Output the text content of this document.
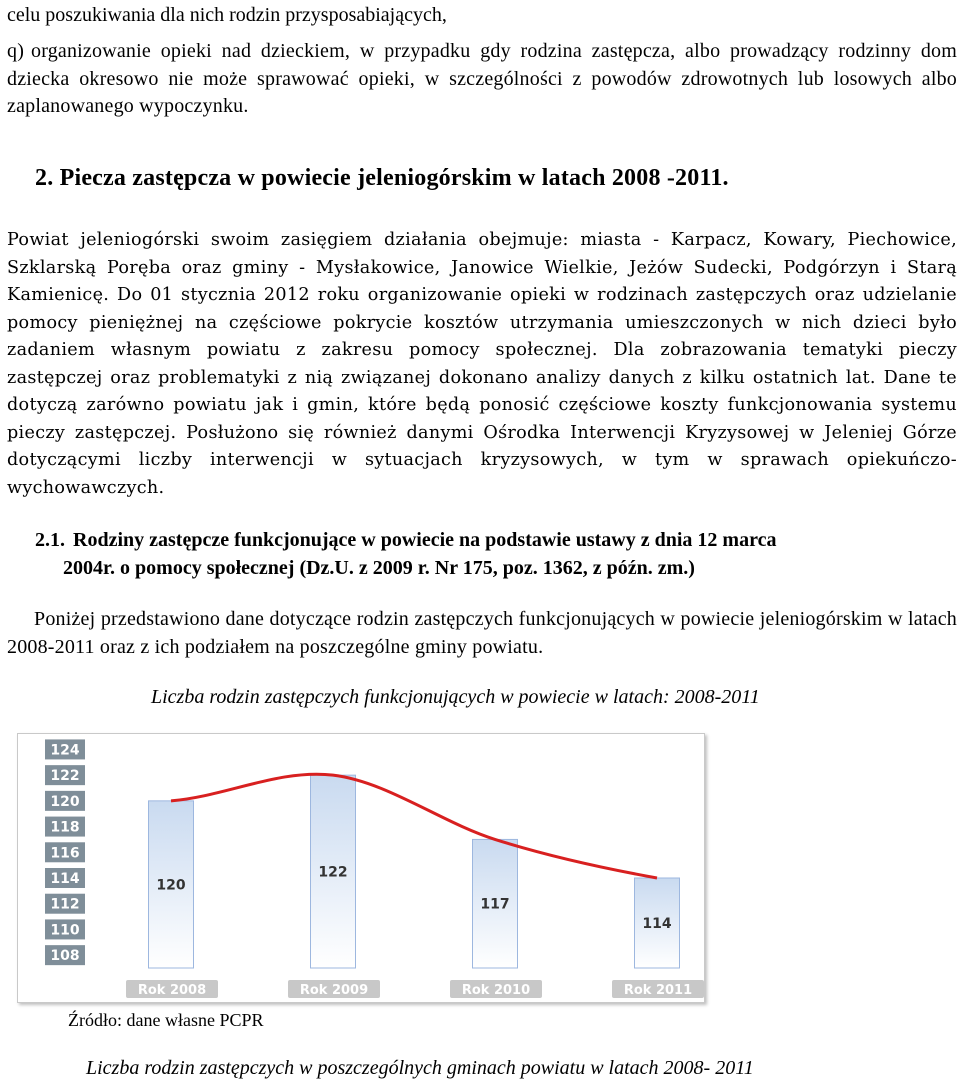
celu poszukiwania dla nich rodzin przysposabiających,
q) organizowanie opieki nad dzieckiem, w przypadku gdy rodzina zastępcza, albo prowadzący rodzinny dom dziecka okresowo nie może sprawować opieki, w szczególności z powodów zdrowotnych lub losowych albo zaplanowanego wypoczynku.
2. Piecza zastępcza w powiecie jeleniogórskim w latach 2008 -2011.
Powiat jeleniogórski swoim zasięgiem działania obejmuje: miasta - Karpacz, Kowary, Piechowice, Szklarską Poręba oraz gminy - Mysłakowice, Janowice Wielkie, Jeżów Sudecki, Podgórzyn i Starą Kamienicę. Do 01 stycznia 2012 roku organizowanie opieki w rodzinach zastępczych oraz udzielanie pomocy pieniężnej na częściowe pokrycie kosztów utrzymania umieszczonych w nich dzieci było zadaniem własnym powiatu z zakresu pomocy społecznej. Dla zobrazowania tematyki pieczy zastępczej oraz problematyki z nią związanej dokonano analizy danych z kilku ostatnich lat. Dane te dotyczą zarówno powiatu jak i gmin, które będą ponosić częściowe koszty funkcjonowania systemu pieczy zastępczej. Posłużono się również danymi Ośrodka Interwencji Kryzysowej w Jeleniej Górze dotyczącymi liczby interwencji w sytuacjach kryzysowych, w tym w sprawach opiekuńczo-wychowawczych.
2.1. Rodziny zastępcze funkcjonujące w powiecie na podstawie ustawy z dnia 12 marca
2004r. o pomocy społecznej (Dz.U. z 2009 r. Nr 175, poz. 1362, z późn. zm.)
Poniżej przedstawiono dane dotyczące rodzin zastępczych funkcjonujących w powiecie jeleniogórskim w latach 2008-2011 oraz z ich podziałem na poszczególne gminy powiatu.
Liczba rodzin zastępczych funkcjonujących w powiecie w latach: 2008-2011
108
110
112
114
116
118
120
122
124
120
122
117
114
Rok 2008	Rok 2009	Rok 2010	Rok 2011
Źródło: dane własne PCPR
Liczba rodzin zastępczych w poszczególnych gminach powiatu w latach 2008- 2011
